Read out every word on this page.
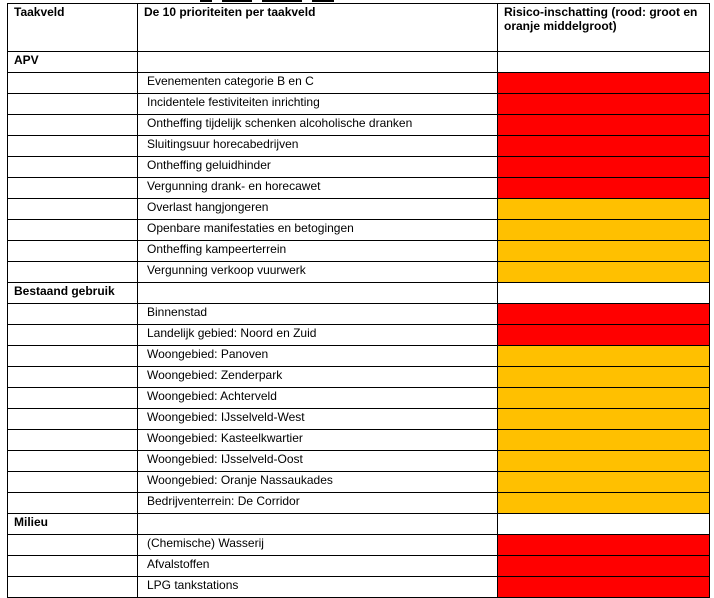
Taakveld	De 10 prioriteiten per taakveld	Risico-inschatting (rood: groot en oranje middelgroot)
APV		
	Evenementen categorie B en C	
	Incidentele festiviteiten inrichting	
	Ontheffing tijdelijk schenken alcoholische dranken	
	Sluitingsuur horecabedrijven	
	Ontheffing geluidhinder	
	Vergunning drank- en horecawet	
	Overlast hangjongeren	
	Openbare manifestaties en betogingen	
	Ontheffing kampeerterrein	
	Vergunning verkoop vuurwerk	
Bestaand gebruik		
	Binnenstad	
	Landelijk gebied: Noord en Zuid	
	Woongebied: Panoven	
	Woongebied: Zenderpark	
	Woongebied: Achterveld	
	Woongebied: IJsselveld-West	
	Woongebied: Kasteelkwartier	
	Woongebied: IJsselveld-Oost	
	Woongebied: Oranje Nassaukades	
	Bedrijventerrein: De Corridor	
Milieu		
	(Chemische) Wasserij	
	Afvalstoffen	
	LPG tankstations	
